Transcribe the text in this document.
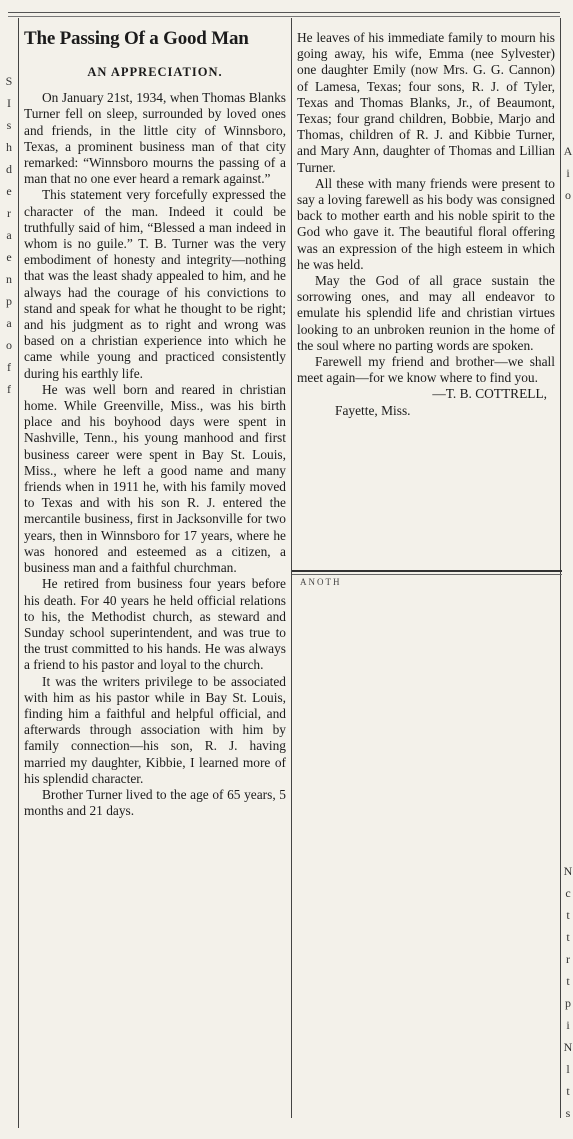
S
I
s
h
d
e
r
a
e
n
p
a
o
f
f
A
i
o
N
c
t
t
r
t
p
i
N
l
t
s
The Passing Of a Good Man
AN APPRECIATION.

On January 21st, 1934, when Thomas Blanks Turner fell on sleep, surrounded by loved ones and friends, in the little city of Winnsboro, Texas, a prominent business man of that city remarked: “Winnsboro mourns the passing of a man that no one ever heard a remark against.”

This statement very forcefully expressed the character of the man. Indeed it could be truthfully said of him, “Blessed a man indeed in whom is no guile.” T. B. Turner was the very embodiment of honesty and integrity—nothing that was the least shady appealed to him, and he always had the courage of his convictions to stand and speak for what he thought to be right; and his judgment as to right and wrong was based on a christian experience into which he came while young and practiced consistently during his earthly life.

He was well born and reared in christian home. While Greenville, Miss., was his birth place and his boyhood days were spent in Nashville, Tenn., his young manhood and first business career were spent in Bay St. Louis, Miss., where he left a good name and many friends when in 1911 he, with his family moved to Texas and with his son R. J. entered the mercantile business, first in Jacksonville for two years, then in Winnsboro for 17 years, where he was honored and esteemed as a citizen, a business man and a faithful churchman.

He retired from business four years before his death. For 40 years he held official relations to his, the Methodist church, as steward and Sunday school superintendent, and was true to the trust committed to his hands. He was always a friend to his pastor and loyal to the church.

It was the writers privilege to be associated with him as his pastor while in Bay St. Louis, finding him a faithful and helpful official, and afterwards through association with him by family connection—his son, R. J. having married my daughter, Kibbie, I learned more of his splendid character.

Brother Turner lived to the age of 65 years, 5 months and 21 days.

He leaves of his immediate family to mourn his going away, his wife, Emma (nee Sylvester) one daughter Emily (now Mrs. G. G. Cannon) of Lamesa, Texas; four sons, R. J. of Tyler, Texas and Thomas Blanks, Jr., of Beaumont, Texas; four grand children, Bobbie, Marjo and Thomas, children of R. J. and Kibbie Turner, and Mary Ann, daughter of Thomas and Lillian Turner.

All these with many friends were present to say a loving farewell as his body was consigned back to mother earth and his noble spirit to the God who gave it. The beautiful floral offering was an expression of the high esteem in which he was held.

May the God of all grace sustain the sorrowing ones, and may all endeavor to emulate his splendid life and christian virtues looking to an unbroken reunion in the home of the soul where no parting words are spoken.

Farewell my friend and brother—we shall meet again—for we know where to find you.

—T. B. COTTRELL,

Fayette, Miss.

ANOTH
